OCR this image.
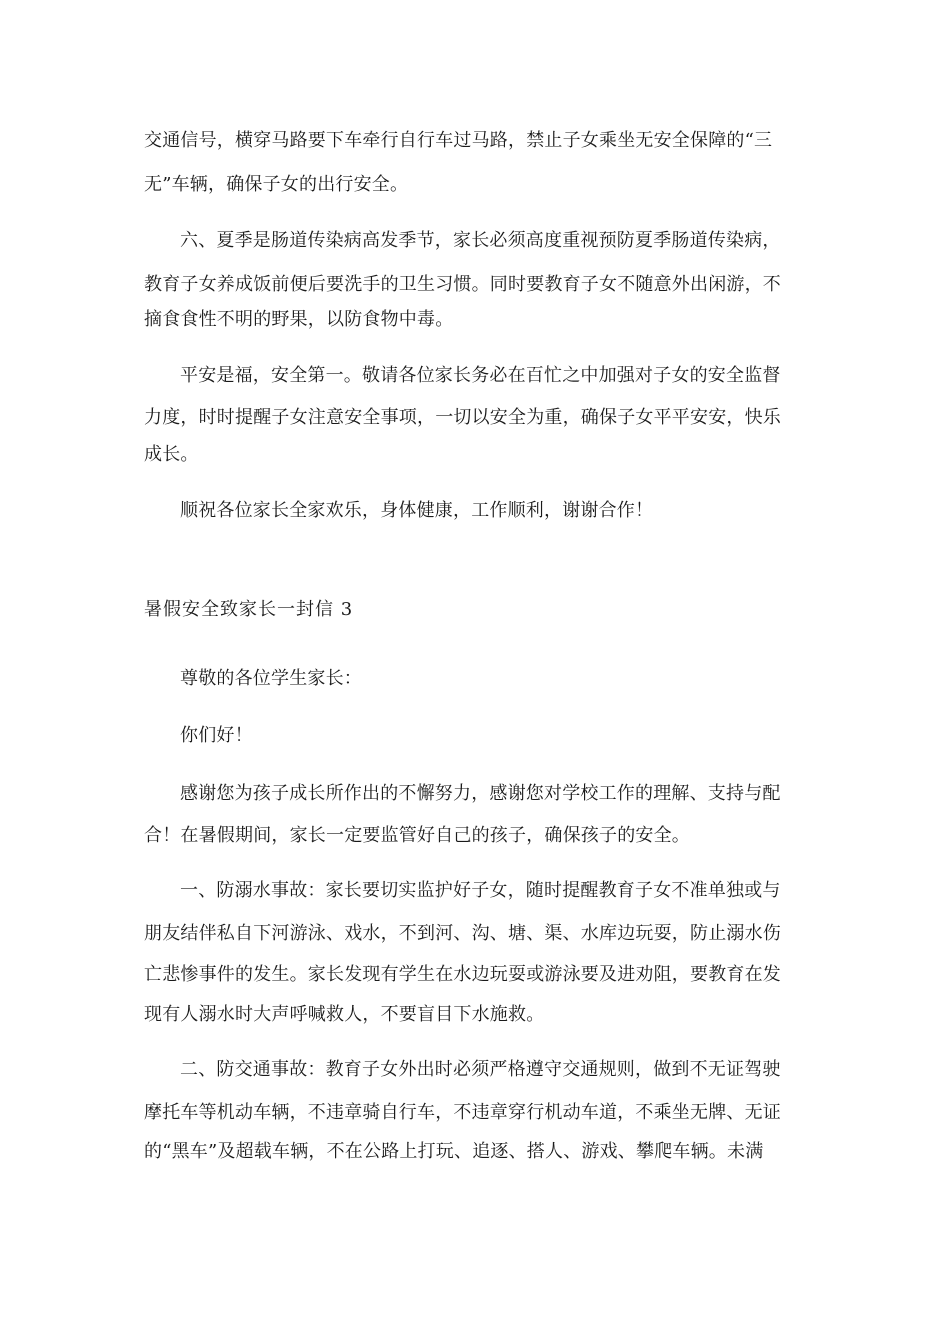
交通信号，横穿马路要下车牵行自行车过马路，禁止子女乘坐无安全保障的“三
无”车辆，确保子女的出行安全。
六、夏季是肠道传染病高发季节，家长必须高度重视预防夏季肠道传染病，
教育子女养成饭前便后要洗手的卫生习惯。同时要教育子女不随意外出闲游，不
摘食食性不明的野果，以防食物中毒。
平安是福，安全第一。敬请各位家长务必在百忙之中加强对子女的安全监督
力度，时时提醒子女注意安全事项，一切以安全为重，确保子女平平安安，快乐
成长。
顺祝各位家长全家欢乐，身体健康，工作顺利，谢谢合作！
暑假安全致家长一封信 3
尊敬的各位学生家长：
你们好！
感谢您为孩子成长所作出的不懈努力，感谢您对学校工作的理解、支持与配
合！在暑假期间，家长一定要监管好自己的孩子，确保孩子的安全。
一、防溺水事故：家长要切实监护好子女，随时提醒教育子女不准单独或与
朋友结伴私自下河游泳、戏水，不到河、沟、塘、渠、水库边玩耍，防止溺水伤
亡悲惨事件的发生。家长发现有学生在水边玩耍或游泳要及进劝阻，要教育在发
现有人溺水时大声呼喊救人，不要盲目下水施救。
二、防交通事故：教育子女外出时必须严格遵守交通规则，做到不无证驾驶
摩托车等机动车辆，不违章骑自行车，不违章穿行机动车道，不乘坐无牌、无证
的“黑车”及超载车辆，不在公路上打玩、追逐、搭人、游戏、攀爬车辆。未满
